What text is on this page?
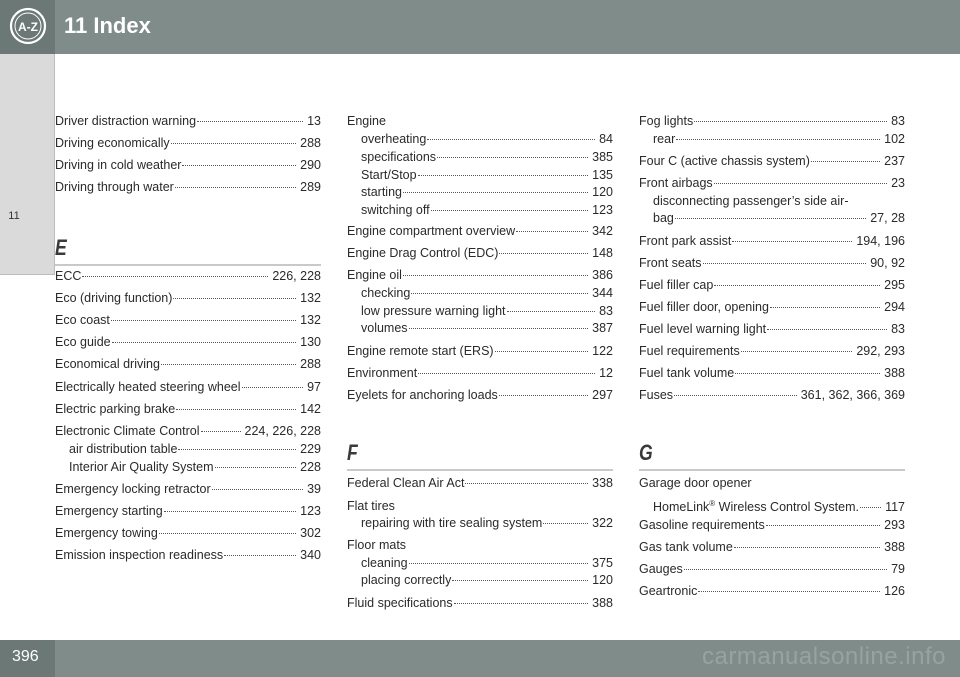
A-Z 11 Index
11
Driver distraction warning	13
Driving economically	288
Driving in cold weather	290
Driving through water	289
E
ECC	226, 228
Eco (driving function)	132
Eco coast	132
Eco guide	130
Economical driving	288
Electrically heated steering wheel	97
Electric parking brake	142
Electronic Climate Control	224, 226, 228
air distribution table	229
Interior Air Quality System	228
Emergency locking retractor	39
Emergency starting	123
Emergency towing	302
Emission inspection readiness	340
Engine
overheating	84
specifications	385
Start/Stop	135
starting	120
switching off	123
Engine compartment overview	342
Engine Drag Control (EDC)	148
Engine oil	386
checking	344
low pressure warning light	83
volumes	387
Engine remote start (ERS)	122
Environment	12
Eyelets for anchoring loads	297
F
Federal Clean Air Act	338
Flat tires
repairing with tire sealing system	322
Floor mats
cleaning	375
placing correctly	120
Fluid specifications	388
Fog lights	83
rear	102
Four C (active chassis system)	237
Front airbags	23
disconnecting passenger’s side air-
bag	27, 28
Front park assist	194, 196
Front seats	90, 92
Fuel filler cap	295
Fuel filler door, opening	294
Fuel level warning light	83
Fuel requirements	292, 293
Fuel tank volume	388
Fuses	361, 362, 366, 369
G
Garage door opener
HomeLink® Wireless Control System. 117
Gasoline requirements	293
Gas tank volume	388
Gauges	79
Geartronic	126
396	carmanualsonline.info
